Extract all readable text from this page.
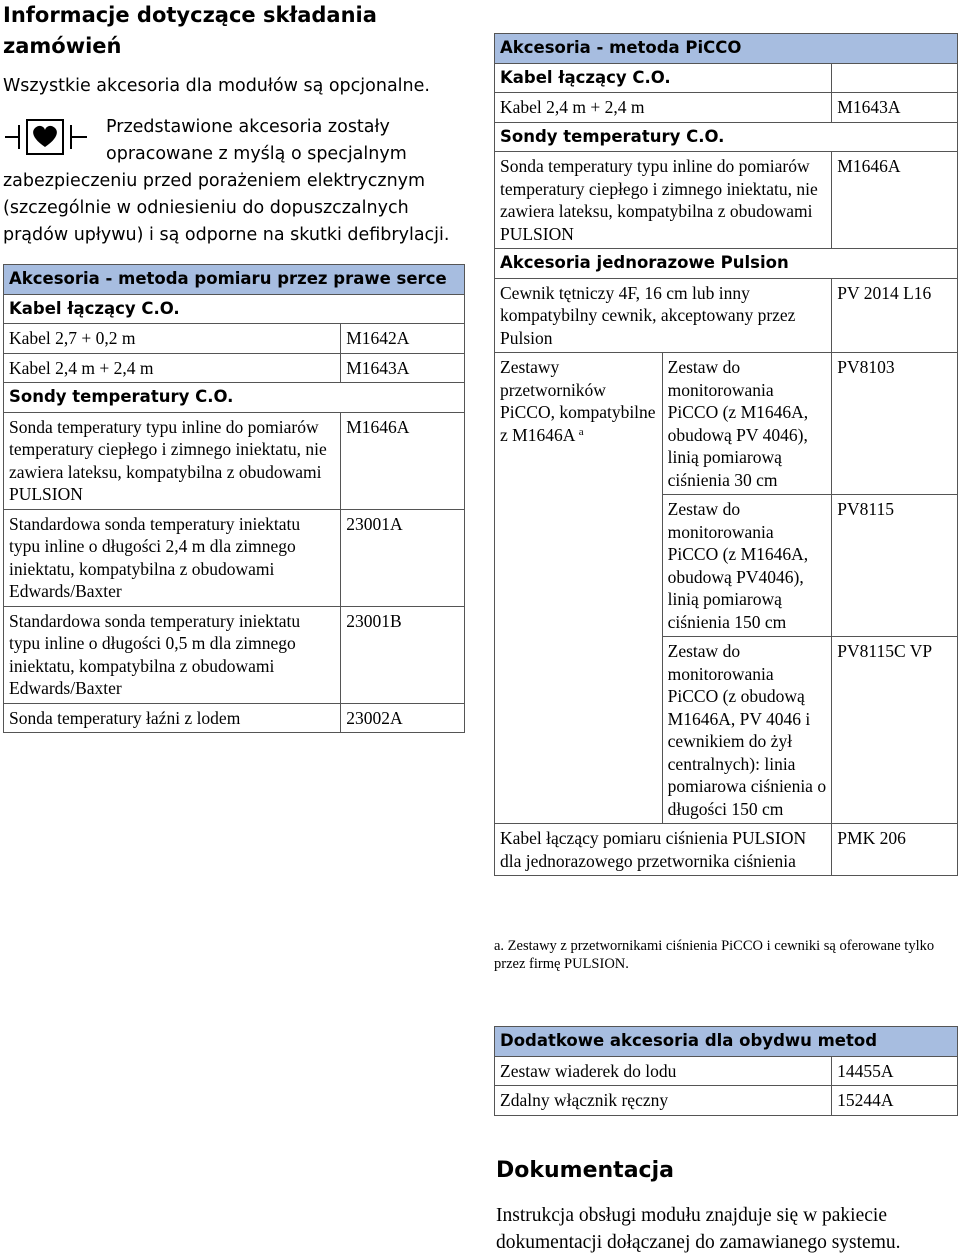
Informacje dotyczące składania
zamówień
Wszystkie akcesoria dla modułów są opcjonalne.
Przedstawione akcesoria zostały
opracowane z myślą o specjalnym
zabezpieczeniu przed porażeniem elektrycznym (szczególnie w odniesieniu do dopuszczalnych prądów upływu) i są odporne na skutki defibrylacji.
Akcesoria - metoda pomiaru przez prawe serce	
Kabel łączący C.O.	
Kabel 2,7 + 0,2 m	M1642A
Kabel 2,4 m + 2,4 m	M1643A
Sondy temperatury C.O.	
Sonda temperatury typu inline do pomiarów temperatury ciepłego i zimnego iniektatu, nie zawiera lateksu, kompatybilna z obudowami PULSION	M1646A
Standardowa sonda temperatury iniektatu typu inline o długości 2,4 m dla zimnego iniektatu, kompatybilna z obudowami Edwards/Baxter	23001A
Standardowa sonda temperatury iniektatu typu inline o długości 0,5 m dla zimnego iniektatu, kompatybilna z obudowami Edwards/Baxter	23001B
Sonda temperatury łaźni z lodem	23002A
Akcesoria - metoda PiCCO		
Kabel łączący C.O.		
Kabel 2,4 m + 2,4 m		M1643A
Sondy temperatury C.O.		
Sonda temperatury typu inline do pomiarów temperatury ciepłego i zimnego iniektatu, nie zawiera lateksu, kompatybilna z obudowami PULSION		M1646A
Akcesoria jednorazowe Pulsion		
Cewnik tętniczy 4F, 16 cm lub inny kompatybilny cewnik, akceptowany przez Pulsion		PV 2014 L16
Zestawy przetworników PiCCO, kompatybilne z M1646A $^a$	Zestaw do monitorowania PiCCO (z M1646A, obudową PV 4046), linią pomiarową ciśnienia 30 cm	PV8103
	Zestaw do monitorowania PiCCO (z M1646A, obudową PV4046), linią pomiarową ciśnienia 150 cm	PV8115
	Zestaw do monitorowania PiCCO (z obudową M1646A, PV 4046 i cewnikiem do żył centralnych): linia pomiarowa ciśnienia o długości 150 cm	PV8115C VP
Kabel łączący pomiaru ciśnienia PULSION dla jednorazowego przetwornika ciśnienia		PMK 206
a. Zestawy z przetwornikami ciśnienia PiCCO i cewniki są oferowane tylko przez firmę PULSION.
Dodatkowe akcesoria dla obydwu metod	
Zestaw wiaderek do lodu	14455A
Zdalny włącznik ręczny	15244A
Dokumentacja
Instrukcja obsługi modułu znajduje się w pakiecie dokumentacji dołączanej do zamawianego systemu.
